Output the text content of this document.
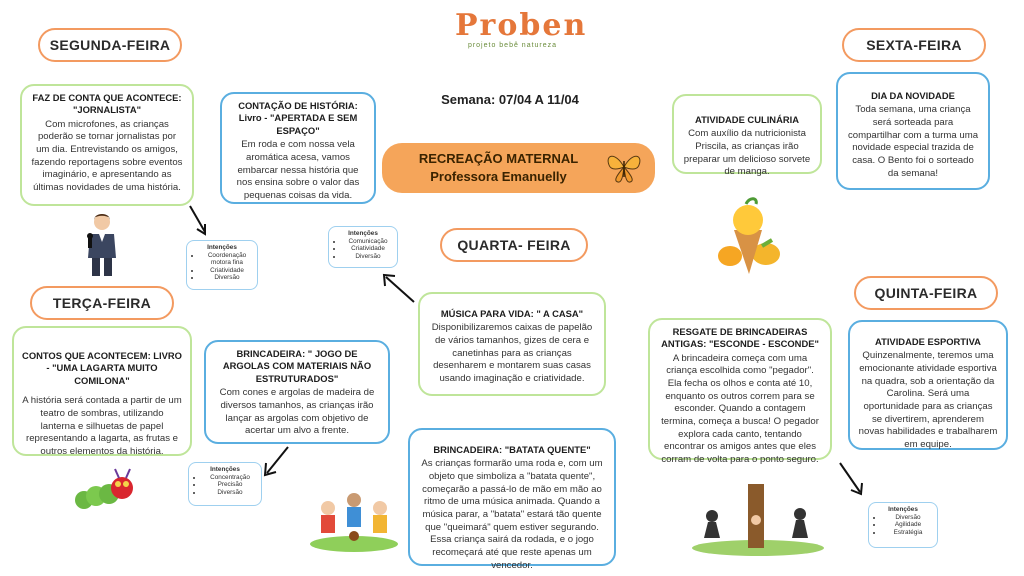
Proben
projeto bebê natureza
Semana: 07/04 A 11/04
RECREAÇÃO MATERNAL
Professora Emanuelly
SEGUNDA-FEIRA
TERÇA-FEIRA
QUARTA- FEIRA
QUINTA-FEIRA
SEXTA-FEIRA
FAZ DE CONTA QUE ACONTECE: "JORNALISTA"
Com microfones, as crianças poderão se tornar jornalistas por um dia. Entrevistando os amigos, fazendo reportagens sobre eventos imaginário, e apresentando as últimas novidades de uma história.
CONTAÇÃO DE HISTÓRIA: Livro - "APERTADA E SEM ESPAÇO"
Em roda e com nossa vela aromática acesa, vamos embarcar nessa história que nos ensina sobre o valor das pequenas coisas da vida.
CONTOS QUE ACONTECEM: LIVRO - "UMA LAGARTA MUITO COMILONA"
A história será contada a partir de um teatro de sombras, utilizando lanterna e silhuetas de papel representando a lagarta, as frutas e outros elementos da história.
BRINCADEIRA: " JOGO DE ARGOLAS COM MATERIAIS NÃO ESTRUTURADOS"
Com cones e argolas de madeira de diversos tamanhos, as crianças irão lançar as argolas com objetivo de acertar um alvo a frente.
MÚSICA PARA VIDA: " A CASA"
Disponibilizaremos caixas de papelão de vários tamanhos, gizes de cera e canetinhas para as crianças desenharem e montarem suas casas usando imaginação e criatividade.
BRINCADEIRA: "BATATA QUENTE"
As crianças formarão uma roda e, com um objeto que simboliza a "batata quente", começarão a passá-lo de mão em mão ao ritmo de uma música animada. Quando a música parar, a "batata" estará tão quente que "queimará" quem estiver segurando. Essa criança sairá da rodada, e o jogo recomeçará até que reste apenas um vencedor.
ATIVIDADE CULINÁRIA
Com auxílio da nutricionista Priscila, as crianças irão preparar um delicioso sorvete de manga.
DIA DA NOVIDADE
Toda semana, uma criança será sorteada para compartilhar com a turma uma novidade especial trazida de casa. O Bento foi o sorteado da semana!
RESGATE DE BRINCADEIRAS ANTIGAS: "ESCONDE - ESCONDE"
A brincadeira começa com uma criança escolhida como "pegador". Ela fecha os olhos e conta até 10, enquanto os outros correm para se esconder. Quando a contagem termina, começa a busca! O pegador explora cada canto, tentando encontrar os amigos antes que eles corram de volta para o ponto seguro.
ATIVIDADE ESPORTIVA
Quinzenalmente, teremos uma emocionante atividade esportiva na quadra, sob a orientação da Carolina. Será uma oportunidade para as crianças se divertirem, aprenderem novas habilidades e trabalharem em equipe.
Intenções
• Coordenação motora fina
• Criatividade
• Diversão
Intenções
• Comunicação
• Criatividade
• Diversão
Intenções
• Concentração
• Precisão
• Diversão
Intenções
• Diversão
• Agilidade
• Estratégia
